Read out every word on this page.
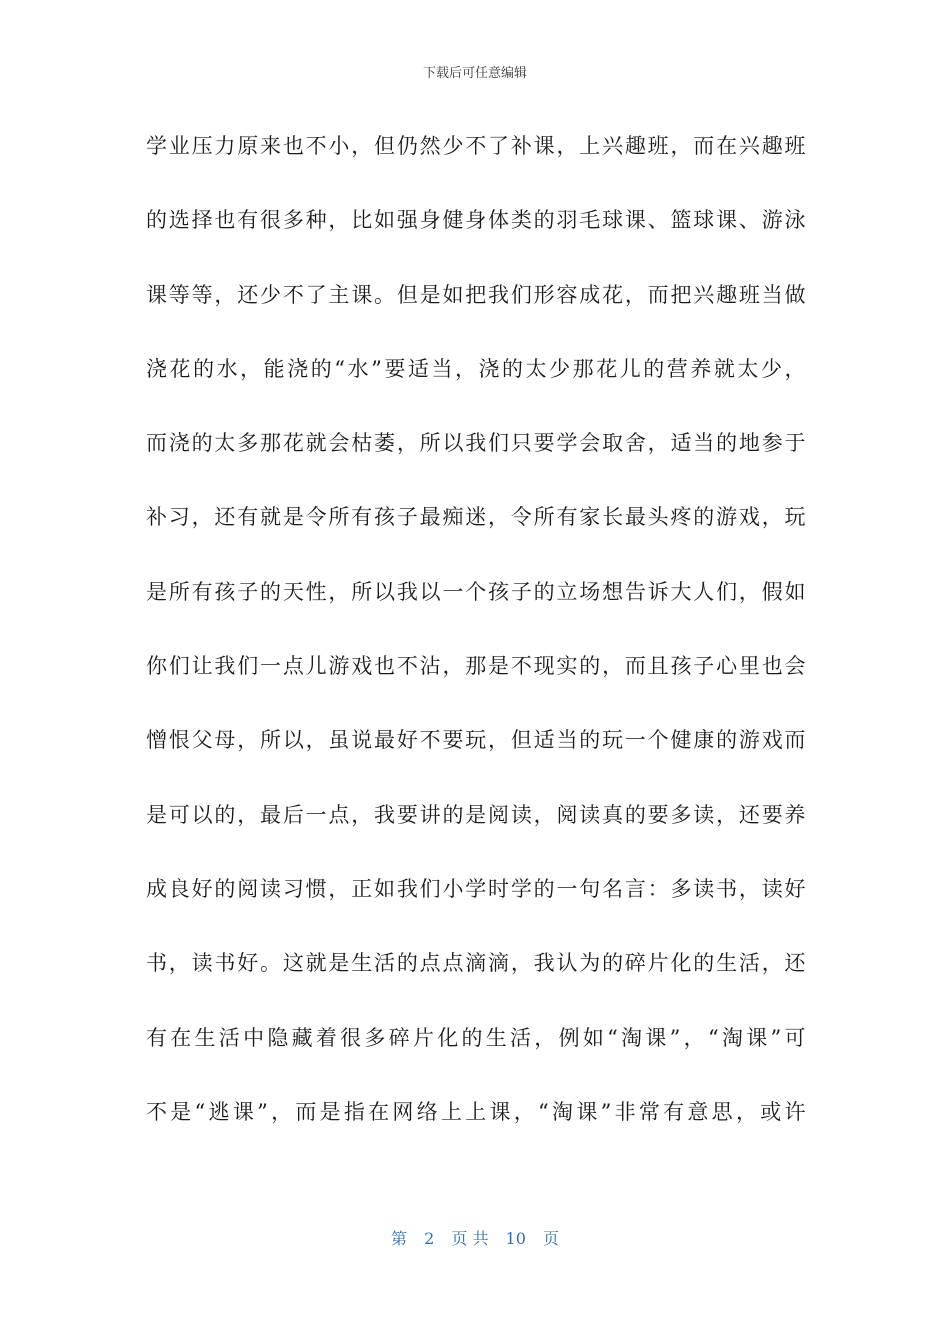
下载后可任意编辑
学业压力原来也不小，但仍然少不了补课，上兴趣班，而在兴趣班
的选择也有很多种，比如强身健身体类的羽毛球课、篮球课、游泳
课等等，还少不了主课。但是如把我们形容成花，而把兴趣班当做
浇花的水，能浇的“水”要适当，浇的太少那花儿的营养就太少，
而浇的太多那花就会枯萎，所以我们只要学会取舍，适当的地参于
补习，还有就是令所有孩子最痴迷，令所有家长最头疼的游戏，玩
是所有孩子的天性，所以我以一个孩子的立场想告诉大人们，假如
你们让我们一点儿游戏也不沾，那是不现实的，而且孩子心里也会
憎恨父母，所以，虽说最好不要玩，但适当的玩一个健康的游戏而
是可以的，最后一点，我要讲的是阅读，阅读真的要多读，还要养
成良好的阅读习惯，正如我们小学时学的一句名言：多读书，读好
书，读书好。这就是生活的点点滴滴，我认为的碎片化的生活，还
有在生活中隐藏着很多碎片化的生活，例如“淘课”，“淘课”可
不是“逃课”，而是指在网络上上课，“淘课”非常有意思，或许
第 2 页 共 10 页
